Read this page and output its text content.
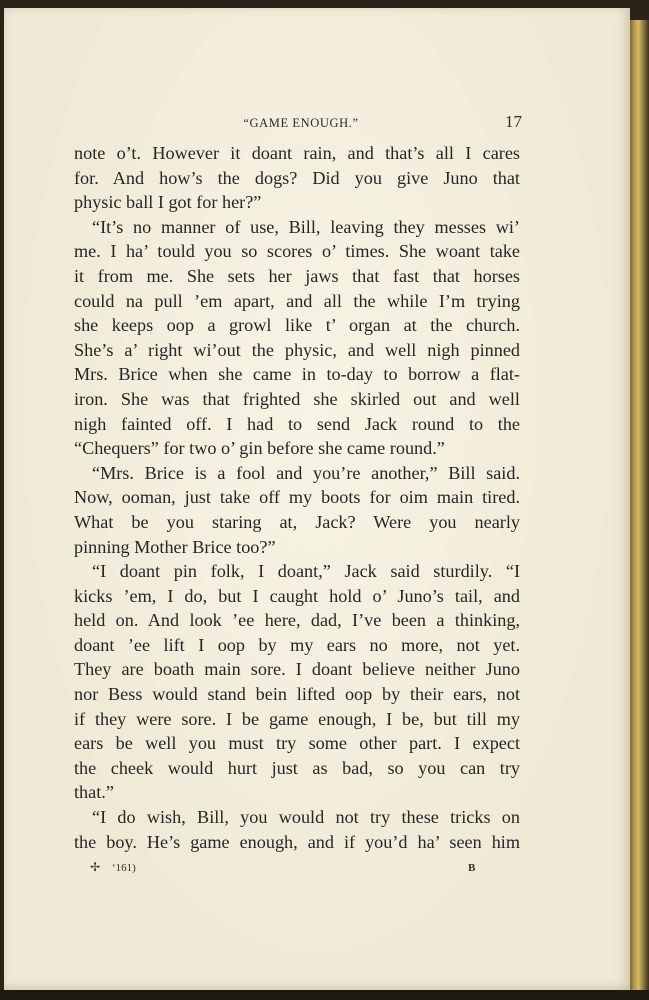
“GAME ENOUGH.”	17
note o’t. However it doant rain, and that’s all I cares
for. And how’s the dogs? Did you give Juno that
physic ball I got for her?”
“It’s no manner of use, Bill, leaving they messes wi’
me. I ha’ tould you so scores o’ times. She woant take
it from me. She sets her jaws that fast that horses
could na pull ’em apart, and all the while I’m trying
she keeps oop a growl like t’ organ at the church.
She’s a’ right wi’out the physic, and well nigh pinned
Mrs. Brice when she came in to-day to borrow a flat-
iron. She was that frighted she skirled out and well
nigh fainted off. I had to send Jack round to the
“Chequers” for two o’ gin before she came round.”
“Mrs. Brice is a fool and you’re another,” Bill said.
Now, ooman, just take off my boots for oim main tired.
What be you staring at, Jack? Were you nearly
pinning Mother Brice too?”
“I doant pin folk, I doant,” Jack said sturdily. “I
kicks ’em, I do, but I caught hold o’ Juno’s tail, and
held on. And look ’ee here, dad, I’ve been a thinking,
doant ’ee lift I oop by my ears no more, not yet.
They are boath main sore. I doant believe neither Juno
nor Bess would stand bein lifted oop by their ears, not
if they were sore. I be game enough, I be, but till my
ears be well you must try some other part. I expect
the cheek would hurt just as bad, so you can try
that.”
“I do wish, Bill, you would not try these tricks on
the boy. He’s game enough, and if you’d ha’ seen him
✢ ‘161)	B
